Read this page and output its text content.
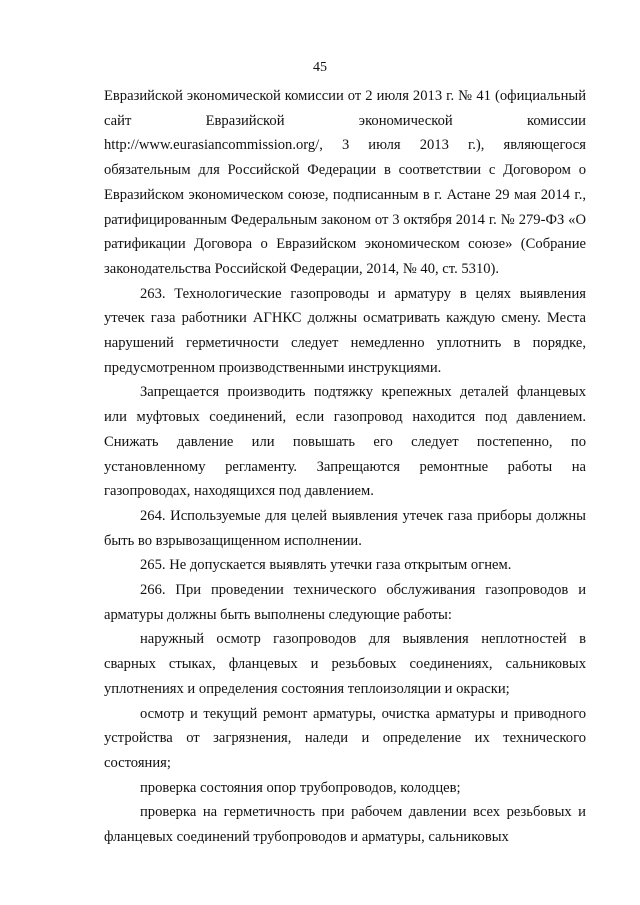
45

Евразийской экономической комиссии от 2 июля 2013 г. № 41 (официальный сайт Евразийской экономической комиссии http://www.eurasiancommission.org/, 3 июля 2013 г.), являющегося обязательным для Российской Федерации в соответствии с Договором о Евразийском экономическом союзе, подписанным в г. Астане 29 мая 2014 г., ратифицированным Федеральным законом от 3 октября 2014 г. № 279-ФЗ «О ратификации Договора о Евразийском экономическом союзе» (Собрание законодательства Российской Федерации, 2014, № 40, ст. 5310).

263. Технологические газопроводы и арматуру в целях выявления утечек газа работники АГНКС должны осматривать каждую смену. Места нарушений герметичности следует немедленно уплотнить в порядке, предусмотренном производственными инструкциями.

Запрещается производить подтяжку крепежных деталей фланцевых или муфтовых соединений, если газопровод находится под давлением. Снижать давление или повышать его следует постепенно, по установленному регламенту. Запрещаются ремонтные работы на газопроводах, находящихся под давлением.

264. Используемые для целей выявления утечек газа приборы должны быть во взрывозащищенном исполнении.

265. Не допускается выявлять утечки газа открытым огнем.

266. При проведении технического обслуживания газопроводов и арматуры должны быть выполнены следующие работы:

наружный осмотр газопроводов для выявления неплотностей в сварных стыках, фланцевых и резьбовых соединениях, сальниковых уплотнениях и определения состояния теплоизоляции и окраски;

осмотр и текущий ремонт арматуры, очистка арматуры и приводного устройства от загрязнения, наледи и определение их технического состояния;

проверка состояния опор трубопроводов, колодцев;

проверка на герметичность при рабочем давлении всех резьбовых и фланцевых соединений трубопроводов и арматуры, сальниковых
